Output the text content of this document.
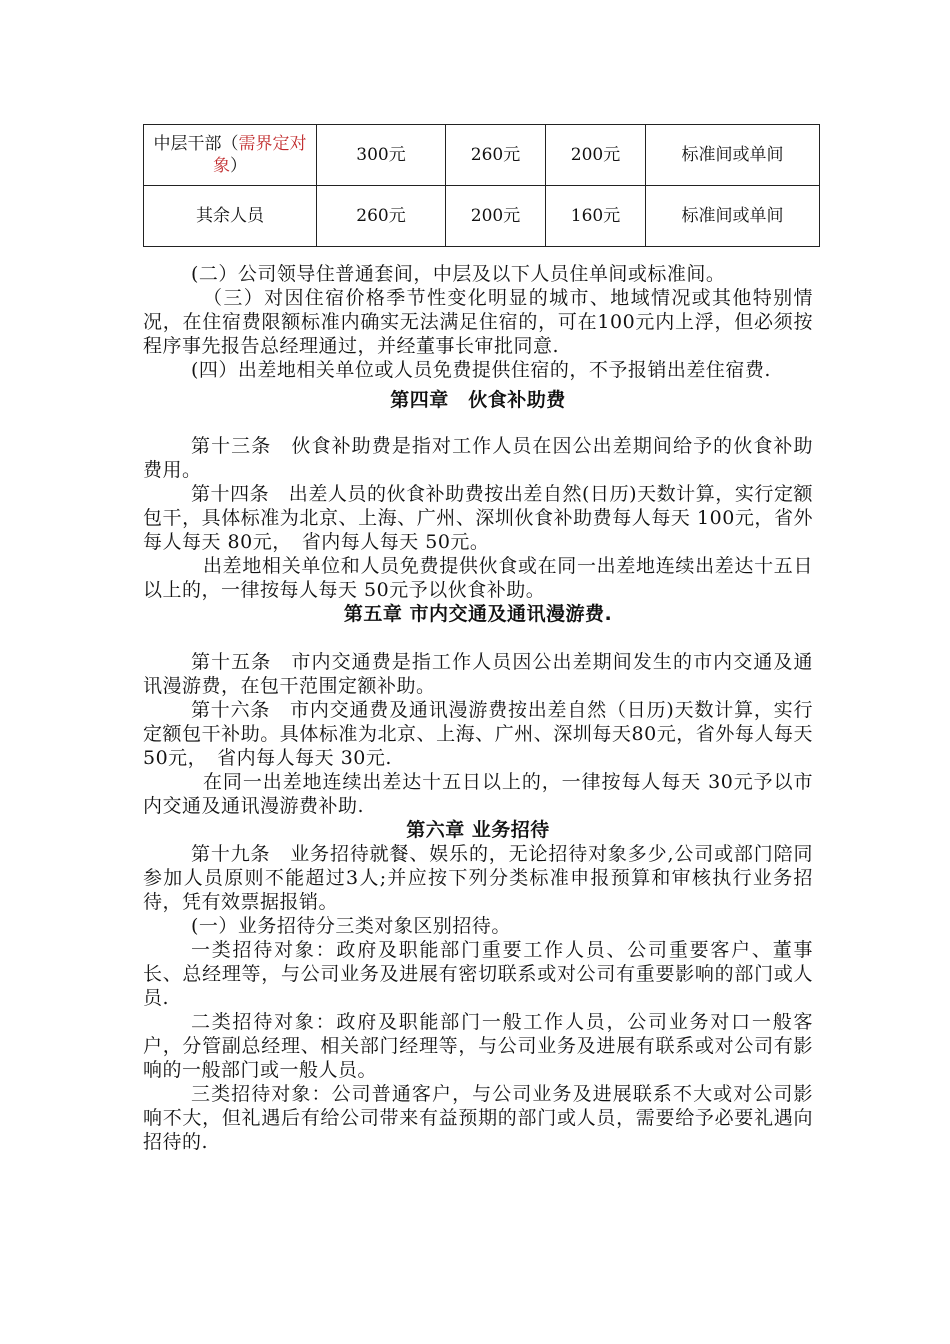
中层干部（需界定对象）	300元	260元	200元	标准间或单间
其余人员	260元	200元	160元	标准间或单间

(二）公司领导住普通套间，中层及以下人员住单间或标准间。

（三）对因住宿价格季节性变化明显的城市、地域情况或其他特别情况，在住宿费限额标准内确实无法满足住宿的，可在100元内上浮，但必须按程序事先报告总经理通过，并经董事长审批同意.

(四）出差地相关单位或人员免费提供住宿的，不予报销出差住宿费.

第四章　伙食补助费

第十三条　伙食补助费是指对工作人员在因公出差期间给予的伙食补助费用。

第十四条　出差人员的伙食补助费按出差自然(日历)天数计算，实行定额包干，具体标准为北京、上海、广州、深圳伙食补助费每人每天 100元，省外每人每天 80元，　省内每人每天 50元。

出差地相关单位和人员免费提供伙食或在同一出差地连续出差达十五日以上的，一律按每人每天 50元予以伙食补助。

第五章 市内交通及通讯漫游费.

第十五条　市内交通费是指工作人员因公出差期间发生的市内交通及通讯漫游费，在包干范围定额补助。

第十六条　市内交通费及通讯漫游费按出差自然（日历)天数计算，实行定额包干补助。具体标准为北京、上海、广州、深圳每天80元，省外每人每天 50元，　省内每人每天 30元.

在同一出差地连续出差达十五日以上的，一律按每人每天 30元予以市内交通及通讯漫游费补助.

第六章 业务招待

第十九条　业务招待就餐、娱乐的，无论招待对象多少,公司或部门陪同参加人员原则不能超过3人;并应按下列分类标准申报预算和审核执行业务招待，凭有效票据报销。

(一）业务招待分三类对象区别招待。

一类招待对象：政府及职能部门重要工作人员、公司重要客户、董事长、总经理等，与公司业务及进展有密切联系或对公司有重要影响的部门或人员.

二类招待对象：政府及职能部门一般工作人员，公司业务对口一般客户，分管副总经理、相关部门经理等，与公司业务及进展有联系或对公司有影响的一般部门或一般人员。

三类招待对象：公司普通客户，与公司业务及进展联系不大或对公司影响不大，但礼遇后有给公司带来有益预期的部门或人员，需要给予必要礼遇向招待的.
